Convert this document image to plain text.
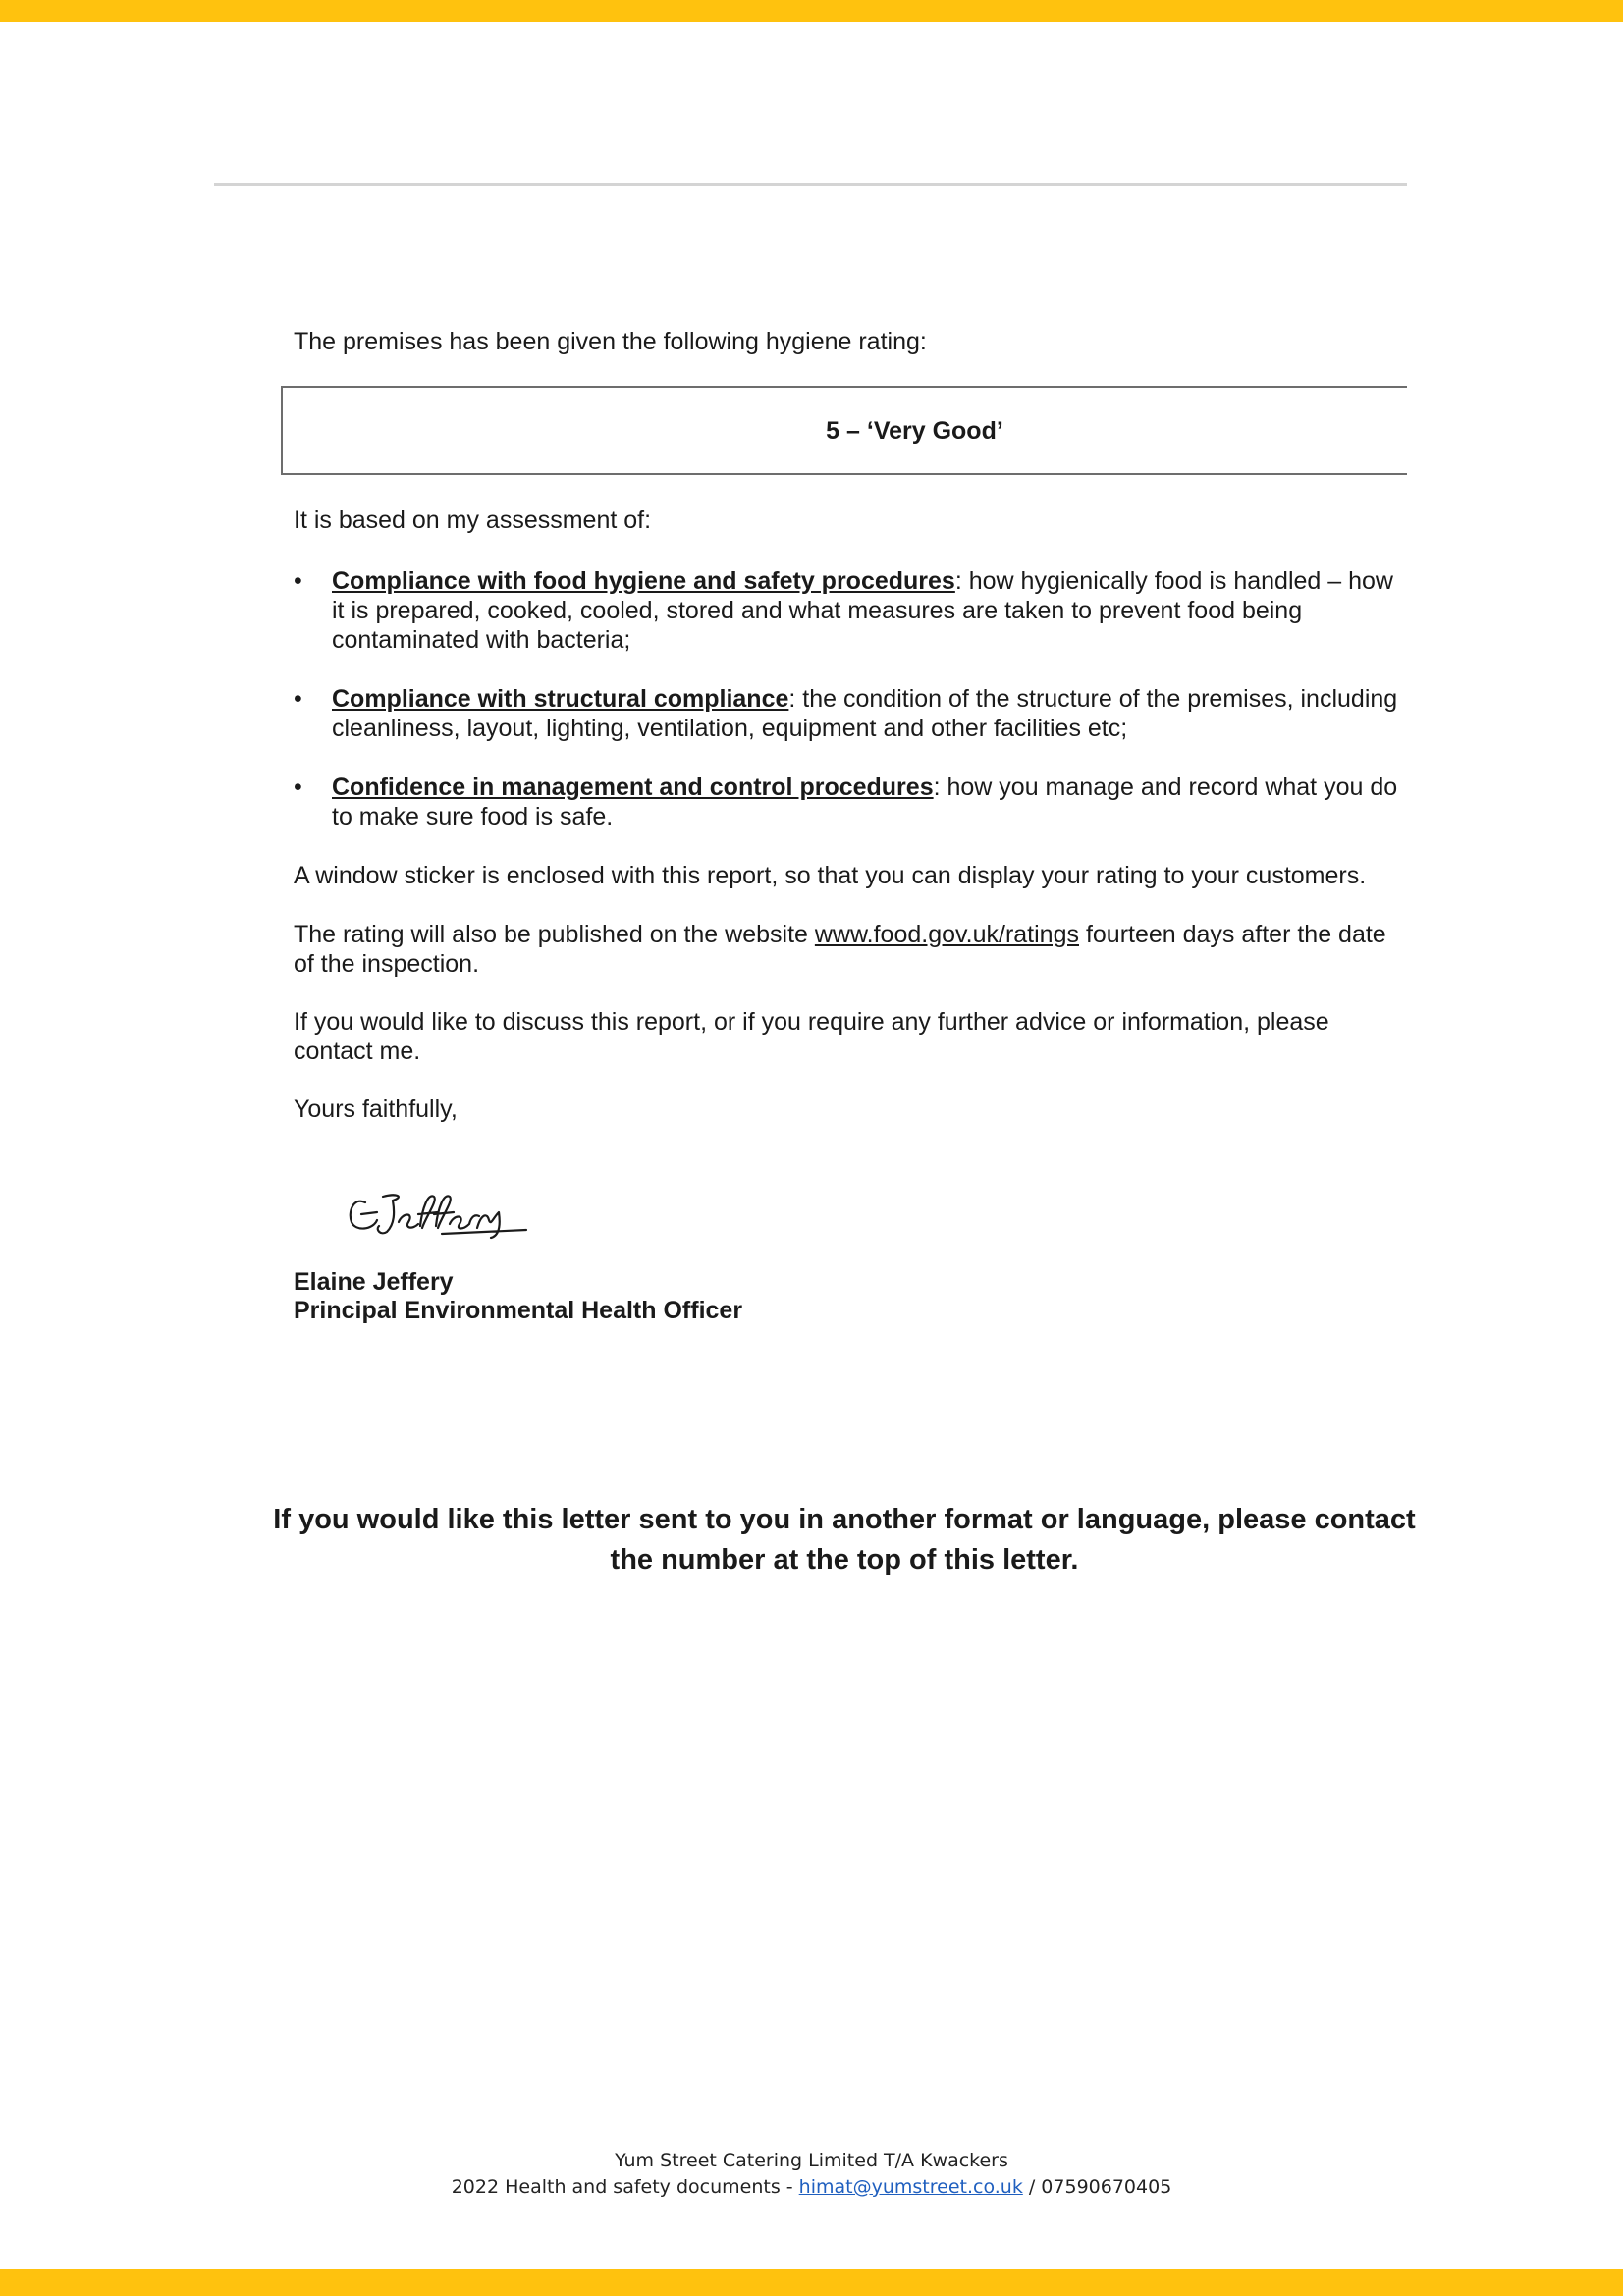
The premises has been given the following hygiene rating:

5 – ‘Very Good’

It is based on my assessment of:

• Compliance with food hygiene and safety procedures: how hygienically food is handled – how it is prepared, cooked, cooled, stored and what measures are taken to prevent food being contaminated with bacteria;
• Compliance with structural compliance: the condition of the structure of the premises, including cleanliness, layout, lighting, ventilation, equipment and other facilities etc;
• Confidence in management and control procedures: how you manage and record what you do to make sure food is safe.

A window sticker is enclosed with this report, so that you can display your rating to your customers.

The rating will also be published on the website www.food.gov.uk/ratings fourteen days after the date of the inspection.

If you would like to discuss this report, or if you require any further advice or information, please contact me.

Yours faithfully,

Elaine Jeffery
Principal Environmental Health Officer

If you would like this letter sent to you in another format or language, please contact the number at the top of this letter.

Yum Street Catering Limited T/A Kwackers
2022 Health and safety documents - himat@yumstreet.co.uk / 07590670405
